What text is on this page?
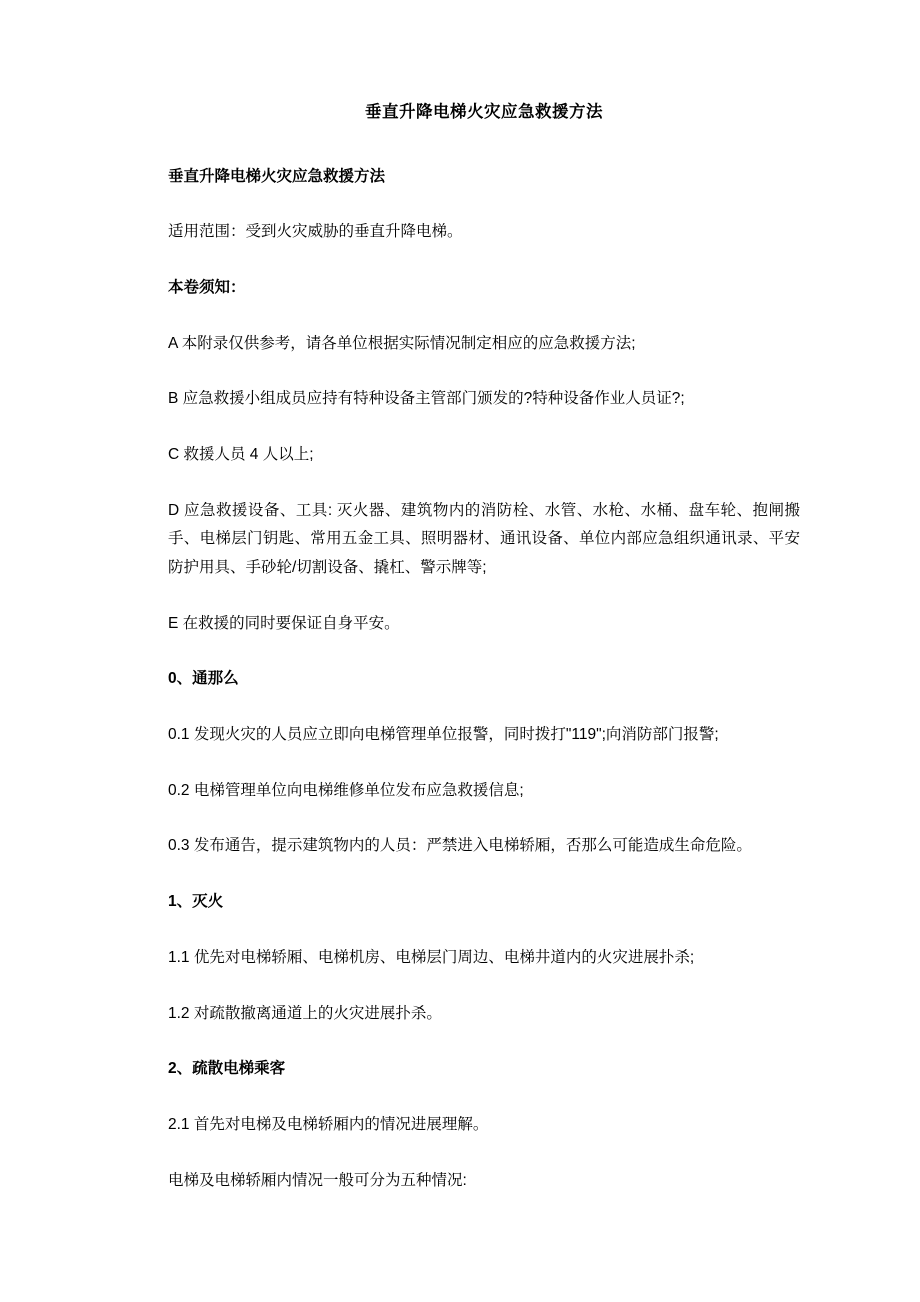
垂直升降电梯火灾应急救援方法

垂直升降电梯火灾应急救援方法

适用范围：受到火灾威胁的垂直升降电梯。

本卷须知：

A 本附录仅供参考，请各单位根据实际情况制定相应的应急救援方法;

B 应急救援小组成员应持有特种设备主管部门颁发的?特种设备作业人员证?;

C 救援人员 4 人以上;

D 应急救援设备、工具: 灭火器、建筑物内的消防栓、水管、水枪、水桶、盘车轮、抱闸搬手、电梯层门钥匙、常用五金工具、照明器材、通讯设备、单位内部应急组织通讯录、平安防护用具、手砂轮/切割设备、撬杠、警示牌等;

E 在救援的同时要保证自身平安。

0、通那么

0.1 发现火灾的人员应立即向电梯管理单位报警，同时拨打"119";向消防部门报警;

0.2 电梯管理单位向电梯维修单位发布应急救援信息;

0.3 发布通告，提示建筑物内的人员：严禁进入电梯轿厢，否那么可能造成生命危险。

1、灭火

1.1 优先对电梯轿厢、电梯机房、电梯层门周边、电梯井道内的火灾进展扑杀;

1.2 对疏散撤离通道上的火灾进展扑杀。

2、疏散电梯乘客

2.1 首先对电梯及电梯轿厢内的情况进展理解。

电梯及电梯轿厢内情况一般可分为五种情况:
